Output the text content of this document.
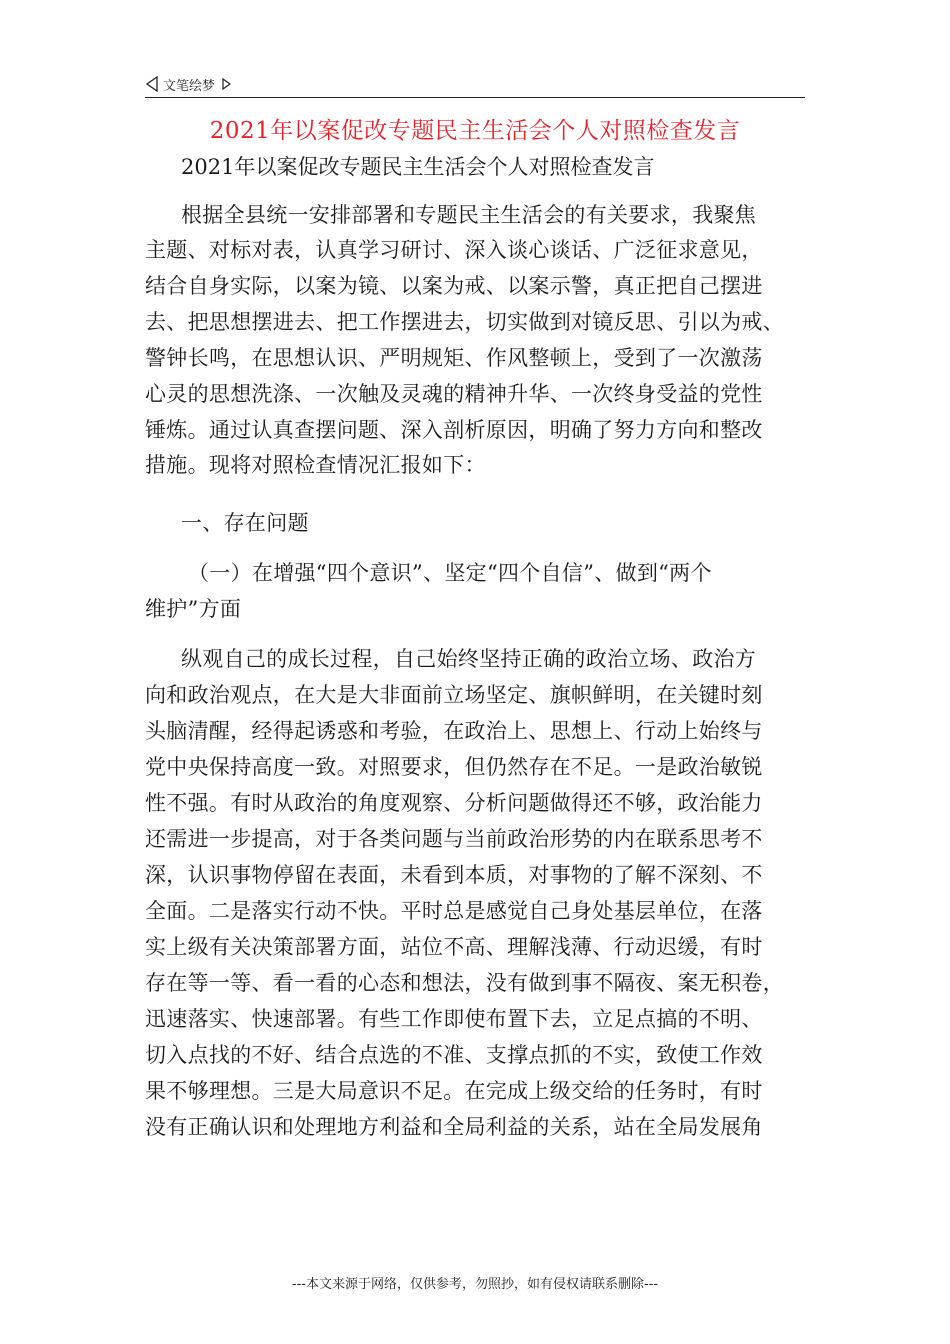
文笔绘梦
2021年以案促改专题民主生活会个人对照检查发言
2021年以案促改专题民主生活会个人对照检查发言
根据全县统一安排部署和专题民主生活会的有关要求，我聚焦
主题、对标对表，认真学习研讨、深入谈心谈话、广泛征求意见，
结合自身实际，以案为镜、以案为戒、以案示警，真正把自己摆进
去、把思想摆进去、把工作摆进去，切实做到对镜反思、引以为戒、
警钟长鸣，在思想认识、严明规矩、作风整顿上，受到了一次激荡
心灵的思想洗涤、一次触及灵魂的精神升华、一次终身受益的党性
锤炼。通过认真查摆问题、深入剖析原因，明确了努力方向和整改
措施。现将对照检查情况汇报如下：
一、存在问题
（一）在增强“四个意识”、坚定“四个自信”、做到“两个
维护”方面
纵观自己的成长过程，自己始终坚持正确的政治立场、政治方
向和政治观点，在大是大非面前立场坚定、旗帜鲜明，在关键时刻
头脑清醒，经得起诱惑和考验，在政治上、思想上、行动上始终与
党中央保持高度一致。对照要求，但仍然存在不足。一是政治敏锐
性不强。有时从政治的角度观察、分析问题做得还不够，政治能力
还需进一步提高，对于各类问题与当前政治形势的内在联系思考不
深，认识事物停留在表面，未看到本质，对事物的了解不深刻、不
全面。二是落实行动不快。平时总是感觉自己身处基层单位，在落
实上级有关决策部署方面，站位不高、理解浅薄、行动迟缓，有时
存在等一等、看一看的心态和想法，没有做到事不隔夜、案无积卷，
迅速落实、快速部署。有些工作即使布置下去，立足点搞的不明、
切入点找的不好、结合点选的不准、支撑点抓的不实，致使工作效
果不够理想。三是大局意识不足。在完成上级交给的任务时，有时
没有正确认识和处理地方利益和全局利益的关系，站在全局发展角
---本文来源于网络，仅供参考，勿照抄，如有侵权请联系删除---
